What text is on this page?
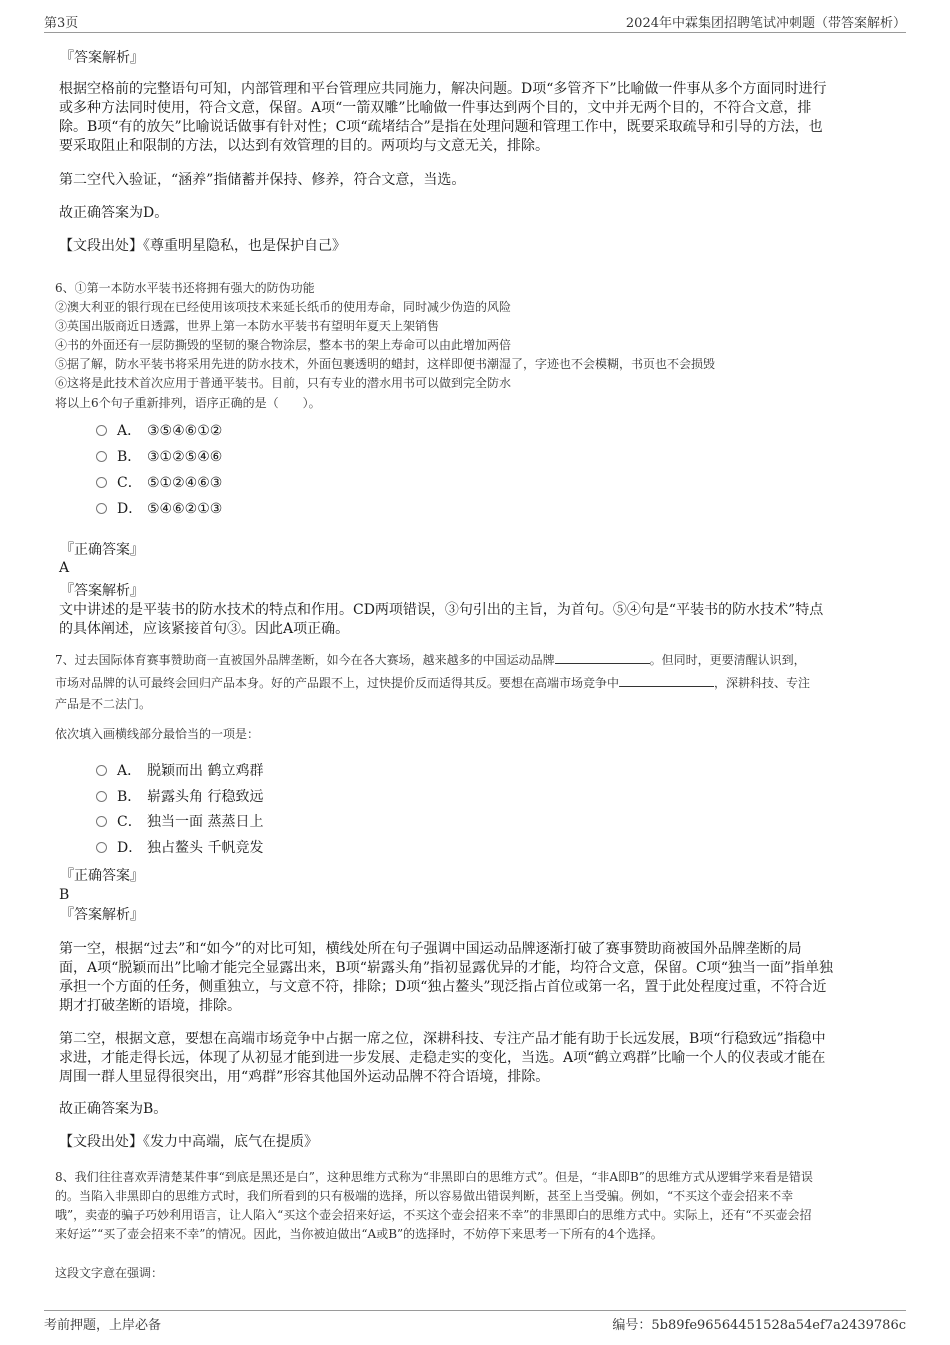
第3页	2024年中霖集团招聘笔试冲刺题（带答案解析）
『答案解析』
根据空格前的完整语句可知，内部管理和平台管理应共同施力，解决问题。D项“多管齐下”比喻做一件事从多个方面同时进行
或多种方法同时使用，符合文意，保留。A项“一箭双雕”比喻做一件事达到两个目的，文中并无两个目的，不符合文意，排
除。B项“有的放矢”比喻说话做事有针对性；C项“疏堵结合”是指在处理问题和管理工作中，既要采取疏导和引导的方法，也
要采取阻止和限制的方法，以达到有效管理的目的。两项均与文意无关，排除。
第二空代入验证，“涵养”指储蓄并保持、修养，符合文意，当选。
故正确答案为D。
【文段出处】《尊重明星隐私，也是保护自己》
6、①第一本防水平装书还将拥有强大的防伪功能
②澳大利亚的银行现在已经使用该项技术来延长纸币的使用寿命，同时减少伪造的风险
③英国出版商近日透露，世界上第一本防水平装书有望明年夏天上架销售
④书的外面还有一层防撕毁的坚韧的聚合物涂层，整本书的架上寿命可以由此增加两倍
⑤据了解，防水平装书将采用先进的防水技术，外面包裹透明的蜡封，这样即便书潮湿了，字迹也不会模糊，书页也不会损毁
⑥这将是此技术首次应用于普通平装书。目前，只有专业的潜水用书可以做到完全防水
将以上6个句子重新排列，语序正确的是（　　）。
A． ③⑤④⑥①②
B． ③①②⑤④⑥
C． ⑤①②④⑥③
D． ⑤④⑥②①③
『正确答案』
A
『答案解析』
文中讲述的是平装书的防水技术的特点和作用。CD两项错误，③句引出的主旨，为首句。⑤④句是“平装书的防水技术”特点
的具体阐述，应该紧接首句③。因此A项正确。
7、过去国际体育赛事赞助商一直被国外品牌垄断，如今在各大赛场，越来越多的中国运动品牌	。但同时，更要清醒认识到，
市场对品牌的认可最终会回归产品本身。好的产品跟不上，过快提价反而适得其反。要想在高端市场竞争中	，深耕科技、专注
产品是不二法门。
依次填入画横线部分最恰当的一项是：
A． 脱颖而出 鹤立鸡群
B． 崭露头角 行稳致远
C． 独当一面 蒸蒸日上
D． 独占鳌头 千帆竞发
『正确答案』
B
『答案解析』
第一空，根据“过去”和“如今”的对比可知，横线处所在句子强调中国运动品牌逐渐打破了赛事赞助商被国外品牌垄断的局
面，A项“脱颖而出”比喻才能完全显露出来，B项“崭露头角”指初显露优异的才能，均符合文意，保留。C项“独当一面”指单独
承担一个方面的任务，侧重独立，与文意不符，排除；D项“独占鳌头”现泛指占首位或第一名，置于此处程度过重，不符合近
期才打破垄断的语境，排除。
第二空，根据文意，要想在高端市场竞争中占据一席之位，深耕科技、专注产品才能有助于长远发展，B项“行稳致远”指稳中
求进，才能走得长远，体现了从初显才能到进一步发展、走稳走实的变化，当选。A项“鹤立鸡群”比喻一个人的仪表或才能在
周围一群人里显得很突出，用“鸡群”形容其他国外运动品牌不符合语境，排除。
故正确答案为B。
【文段出处】《发力中高端，底气在提质》
8、我们往往喜欢弄清楚某件事“到底是黑还是白”，这种思维方式称为“非黑即白的思维方式”。但是，“非A即B”的思维方式从逻辑学来看是错误
的。当陷入非黑即白的思维方式时，我们所看到的只有极端的选择，所以容易做出错误判断，甚至上当受骗。例如，“不买这个壶会招来不幸
哦”，卖壶的骗子巧妙利用语言，让人陷入“买这个壶会招来好运，不买这个壶会招来不幸”的非黑即白的思维方式中。实际上，还有“不买壶会招
来好运”“买了壶会招来不幸”的情况。因此，当你被迫做出“A或B”的选择时，不妨停下来思考一下所有的4个选择。
这段文字意在强调：
考前押题，上岸必备	编号：5b89fe96564451528a54ef7a2439786c
